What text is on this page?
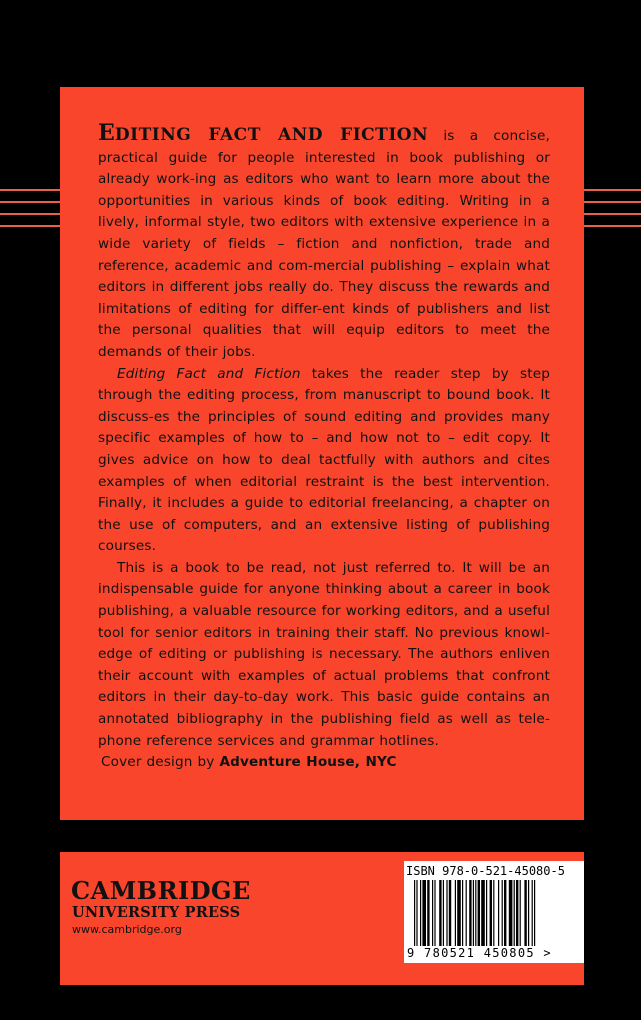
EDITING FACT AND FICTION is a concise, practical guide for people interested in book publishing or already work-ing as editors who want to learn more about the opportunities in various kinds of book editing. Writing in a lively, informal style, two editors with extensive experience in a wide variety of fields – fiction and nonfiction, trade and reference, academic and com-mercial publishing – explain what editors in different jobs really do. They discuss the rewards and limitations of editing for differ-ent kinds of publishers and list the personal qualities that will equip editors to meet the demands of their jobs.

Editing Fact and Fiction takes the reader step by step through the editing process, from manuscript to bound book. It discuss-es the principles of sound editing and provides many specific examples of how to – and how not to – edit copy. It gives advice on how to deal tactfully with authors and cites examples of when editorial restraint is the best intervention. Finally, it includes a guide to editorial freelancing, a chapter on the use of computers, and an extensive listing of publishing courses.

This is a book to be read, not just referred to. It will be an indispensable guide for anyone thinking about a career in book publishing, a valuable resource for working editors, and a useful tool for senior editors in training their staff. No previous knowl-edge of editing or publishing is necessary. The authors enliven their account with examples of actual problems that confront editors in their day-to-day work. This basic guide contains an annotated bibliography in the publishing field as well as tele-phone reference services and grammar hotlines.

Cover design by Adventure House, NYC

CAMBRIDGE
UNIVERSITY PRESS
www.cambridge.org
ISBN 978-0-521-45080-5
9 780521 450805 >
